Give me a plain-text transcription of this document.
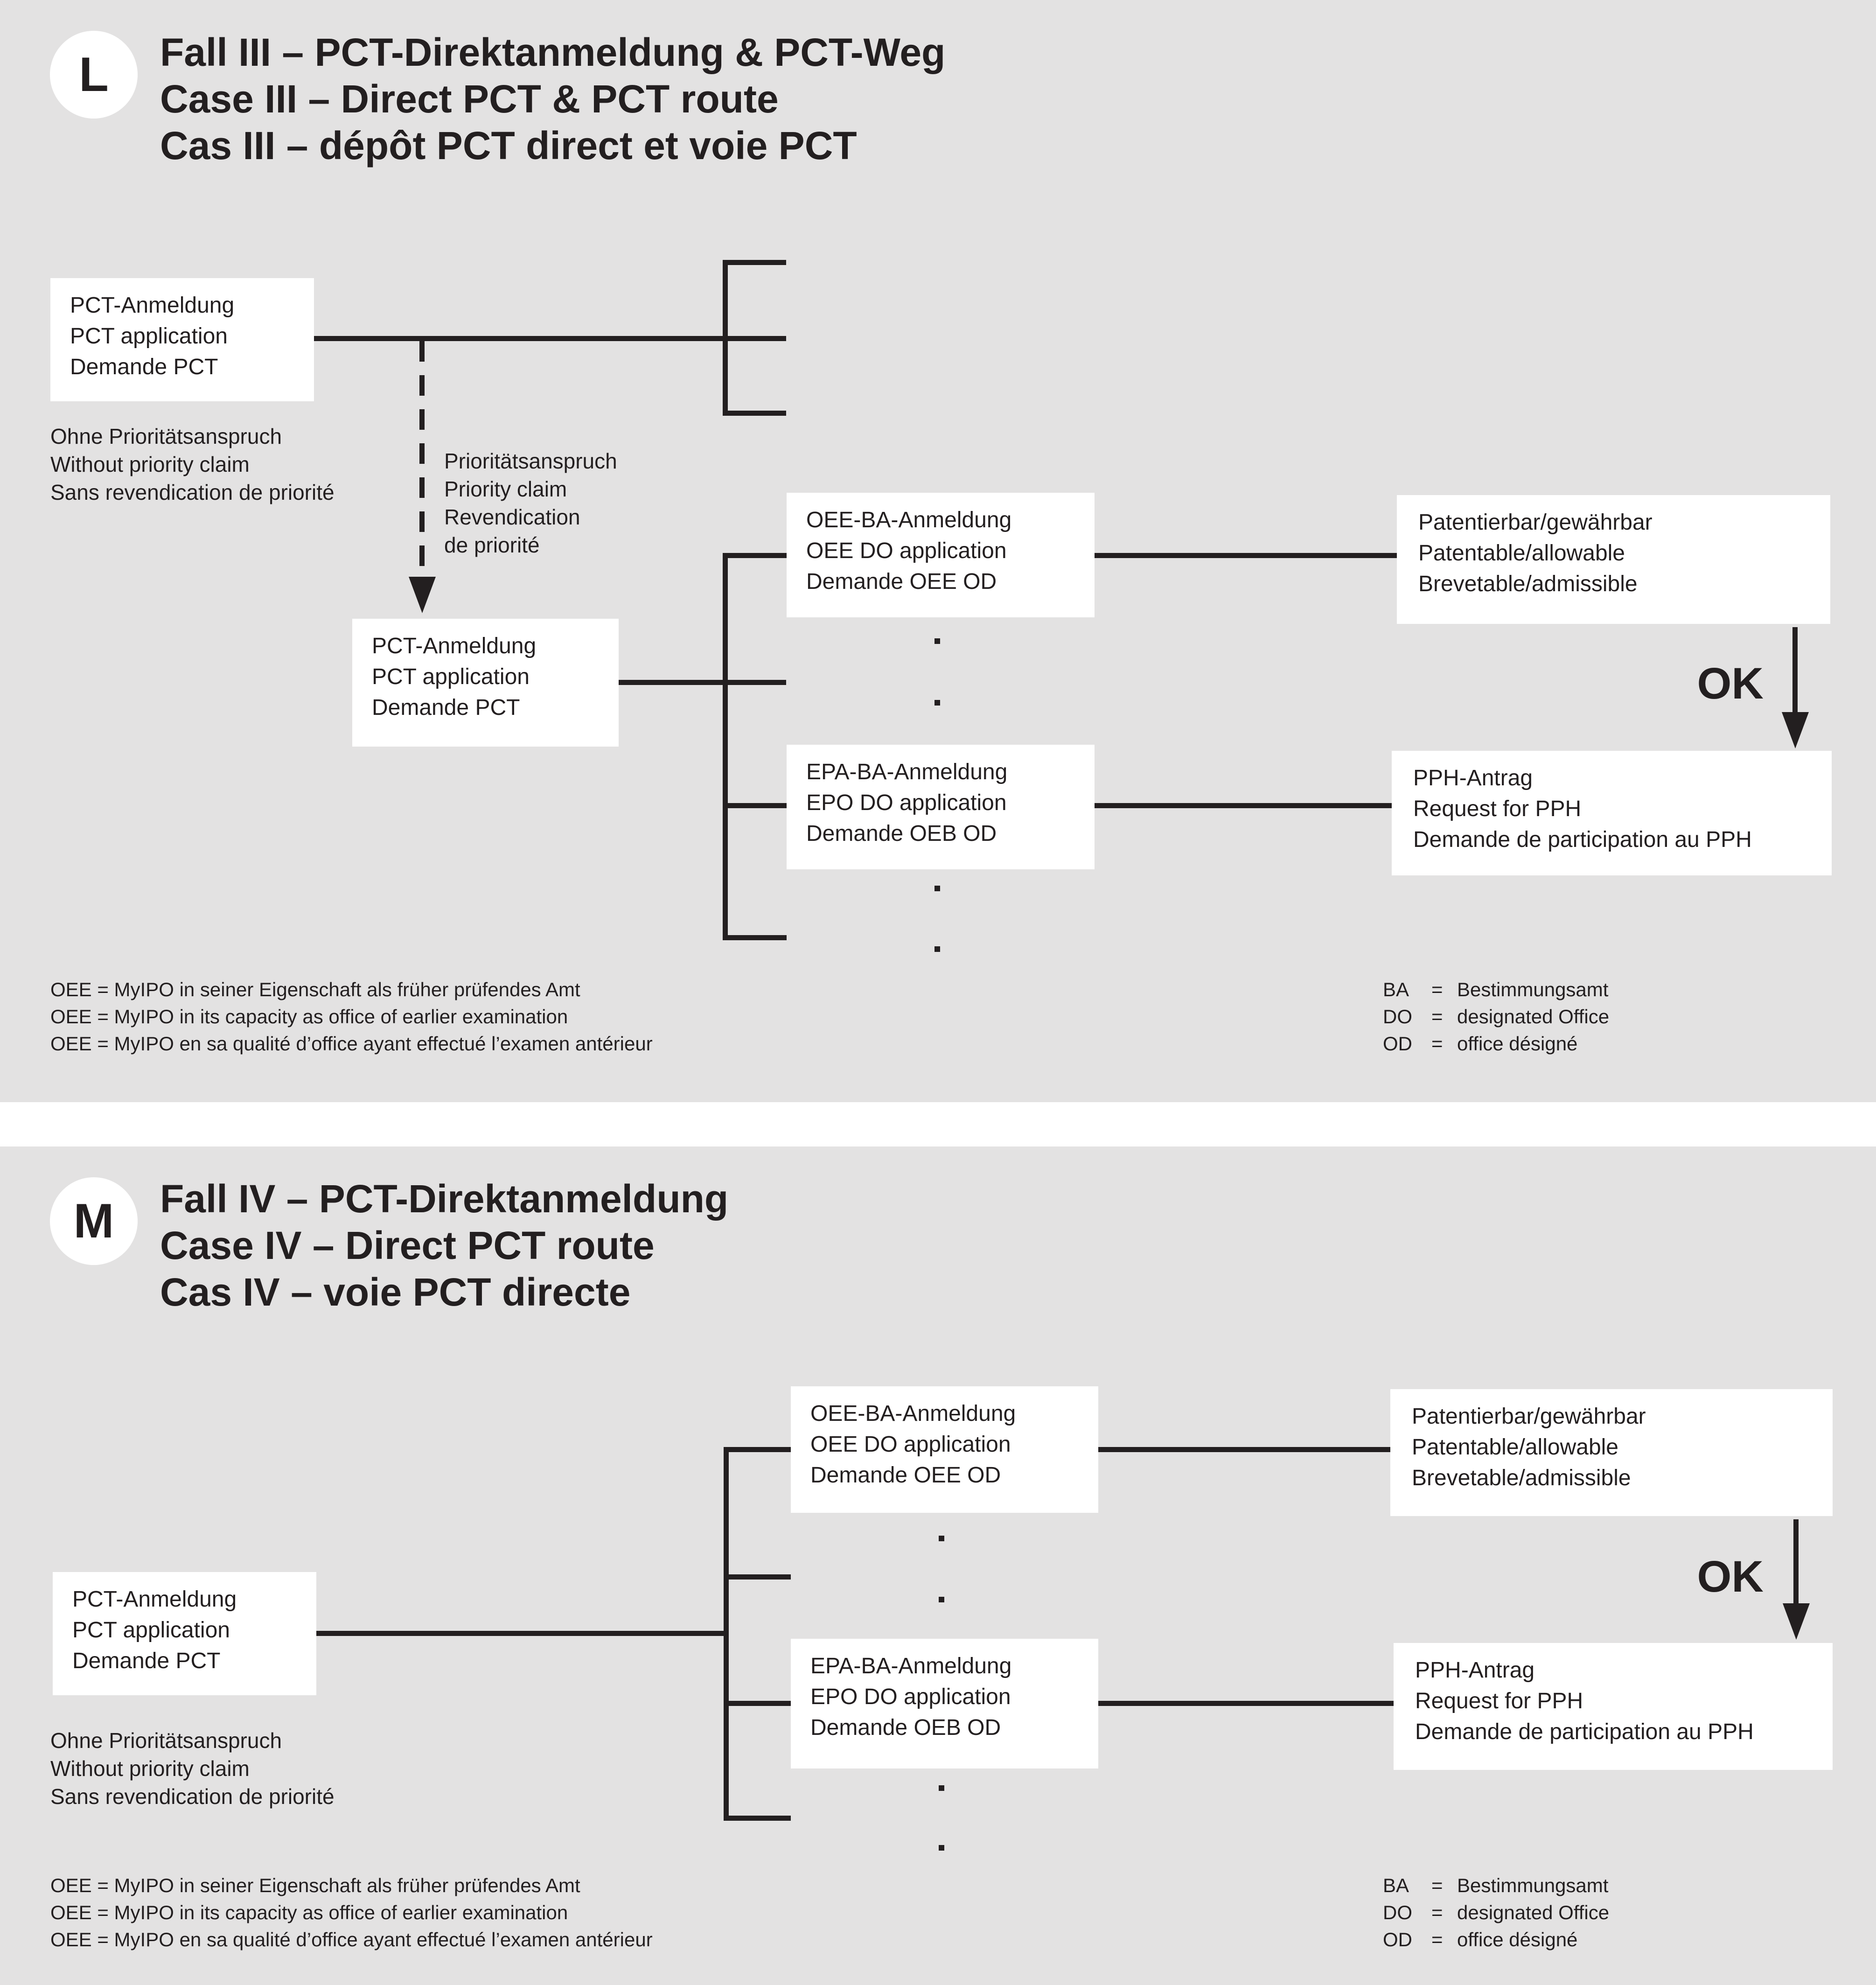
L Fall III – PCT-Direktanmeldung & PCT-Weg
Case III – Direct PCT & PCT route
Cas III – dépôt PCT direct et voie PCT
PCT-Anmeldung
PCT application
Demande PCT
Ohne Prioritätsanspruch
Without priority claim
Sans revendication de priorité
Prioritätsanspruch
Priority claim
Revendication
de priorité
PCT-Anmeldung
PCT application
Demande PCT
OEE-BA-Anmeldung
OEE DO application
Demande OEE OD
EPA-BA-Anmeldung
EPO DO application
Demande OEB OD
Patentierbar/gewährbar
Patentable/allowable
Brevetable/admissible
OK
PPH-Antrag
Request for PPH
Demande de participation au PPH
OEE = MyIPO in seiner Eigenschaft als früher prüfendes Amt
OEE = MyIPO in its capacity as office of earlier examination
OEE = MyIPO en sa qualité d’office ayant effectué l’examen antérieur
BA	= Bestimmungsamt
DO = designated Office
OD = office désigné
M Fall IV – PCT-Direktanmeldung
Case IV – Direct PCT route
Cas IV – voie PCT directe
PCT-Anmeldung
PCT application
Demande PCT
Ohne Prioritätsanspruch
Without priority claim
Sans revendication de priorité
OEE-BA-Anmeldung
OEE DO application
Demande OEE OD
EPA-BA-Anmeldung
EPO DO application
Demande OEB OD
Patentierbar/gewährbar
Patentable/allowable
Brevetable/admissible
OK
PPH-Antrag
Request for PPH
Demande de participation au PPH
OEE = MyIPO in seiner Eigenschaft als früher prüfendes Amt
OEE = MyIPO in its capacity as office of earlier examination
OEE = MyIPO en sa qualité d’office ayant effectué l’examen antérieur
BA	= Bestimmungsamt
DO = designated Office
OD = office désigné
